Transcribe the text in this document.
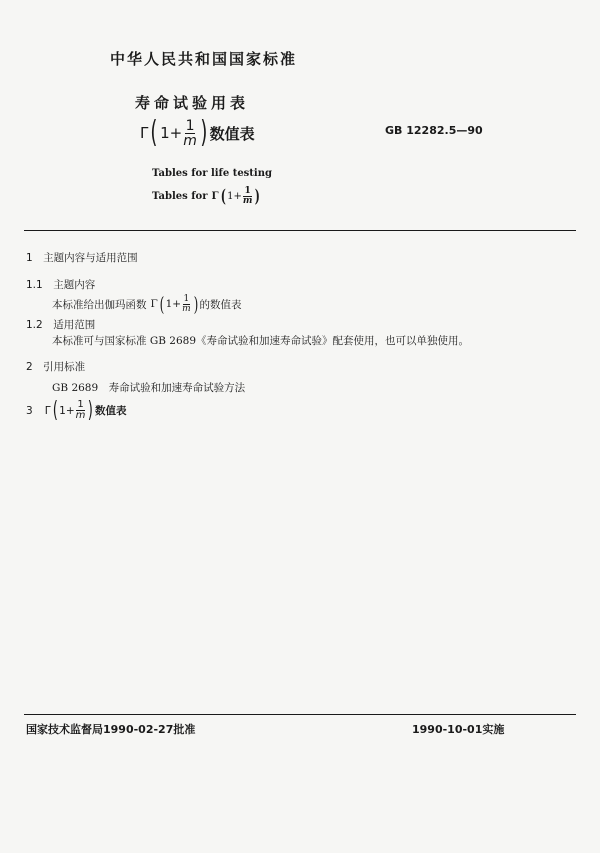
中华人民共和国国家标准
寿命试验用表
Γ ( $1+ \frac{1}{m}$ ) 数值表	GB 12282.5—90
Tables for life testing
Tables for Γ ( $1+ \frac{1}{m}$ )
1　主题内容与适用范围
1.1　主题内容
本标准给出伽玛函数 Γ ( $1+ \frac{1}{m}$ ) 的数值表
1.2　适用范围
本标准可与国家标准 GB 2689《寿命试验和加速寿命试验》配套使用，也可以单独使用。
2　引用标准
GB 2689　寿命试验和加速寿命试验方法
3 Γ ( $1+ \frac{1}{m}$ ) 数值表
国家技术监督局1990-02-27批准	1990-10-01实施
